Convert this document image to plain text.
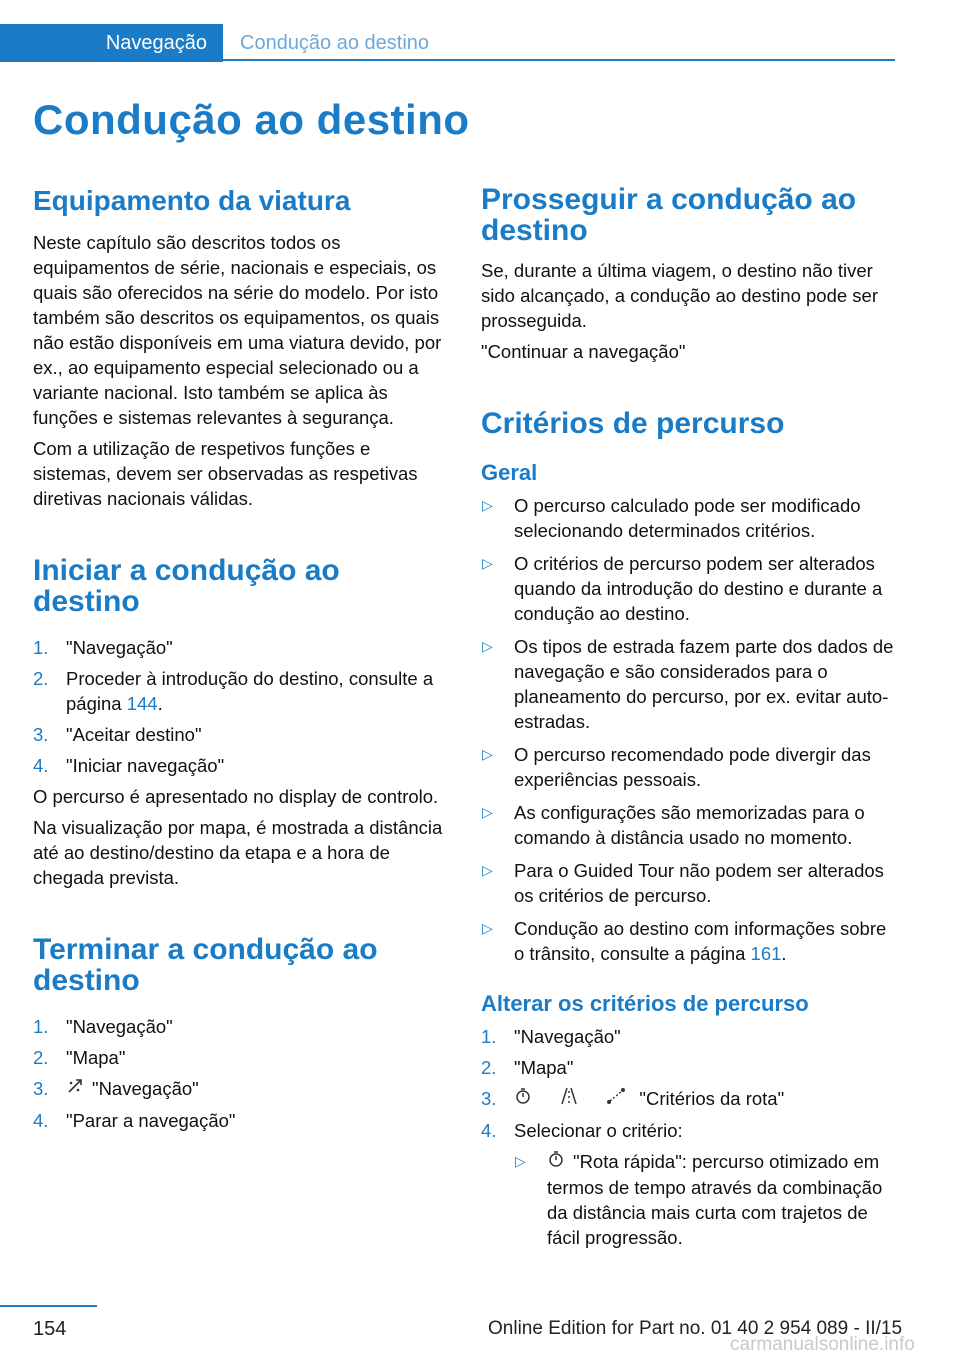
Navegação	Condução ao destino
Condução ao destino
Equipamento da viatura

Neste capítulo são descritos todos os equipamentos de série, nacionais e especiais, os quais são oferecidos na série do modelo. Por isto também são descritos os equipamentos, os quais não estão disponíveis em uma viatura devido, por ex., ao equipamento especial selecionado ou a variante nacional. Isto também se aplica às funções e sistemas relevantes à segurança.

Com a utilização de respetivos funções e sistemas, devem ser observadas as respetivas diretivas nacionais válidas.

Iniciar a condução ao destino
1. "Navegação"
2. Proceder à introdução do destino, consulte a página 144.
3. "Aceitar destino"
4. "Iniciar navegação"

O percurso é apresentado no display de controlo.

Na visualização por mapa, é mostrada a distância até ao destino/destino da etapa e a hora de chegada prevista.

Terminar a condução ao destino
1. "Navegação"
2. "Mapa"
3. "Navegação"
4. "Parar a navegação"
Prosseguir a condução ao destino

Se, durante a última viagem, o destino não tiver sido alcançado, a condução ao destino pode ser prosseguida.

"Continuar a navegação"

Critérios de percurso
Geral
▷ O percurso calculado pode ser modificado selecionando determinados critérios.
▷ O critérios de percurso podem ser alterados quando da introdução do destino e durante a condução ao destino.
▷ Os tipos de estrada fazem parte dos dados de navegação e são considerados para o planeamento do percurso, por ex. evitar auto-estradas.
▷ O percurso recomendado pode divergir das experiências pessoais.
▷ As configurações são memorizadas para o comando à distância usado no momento.
▷ Para o Guided Tour não podem ser alterados os critérios de percurso.
▷ Condução ao destino com informações sobre o trânsito, consulte a página 161.
Alterar os critérios de percurso
1. "Navegação"
2. "Mapa"
3.	"Critérios da rota"
4. Selecionar o critério:
▷	"Rota rápida": percurso otimizado em termos de tempo através da combinação da distância mais curta com trajetos de fácil progressão.
154	Online Edition for Part no. 01 40 2 954 089 - II/15
carmanualsonline.info
